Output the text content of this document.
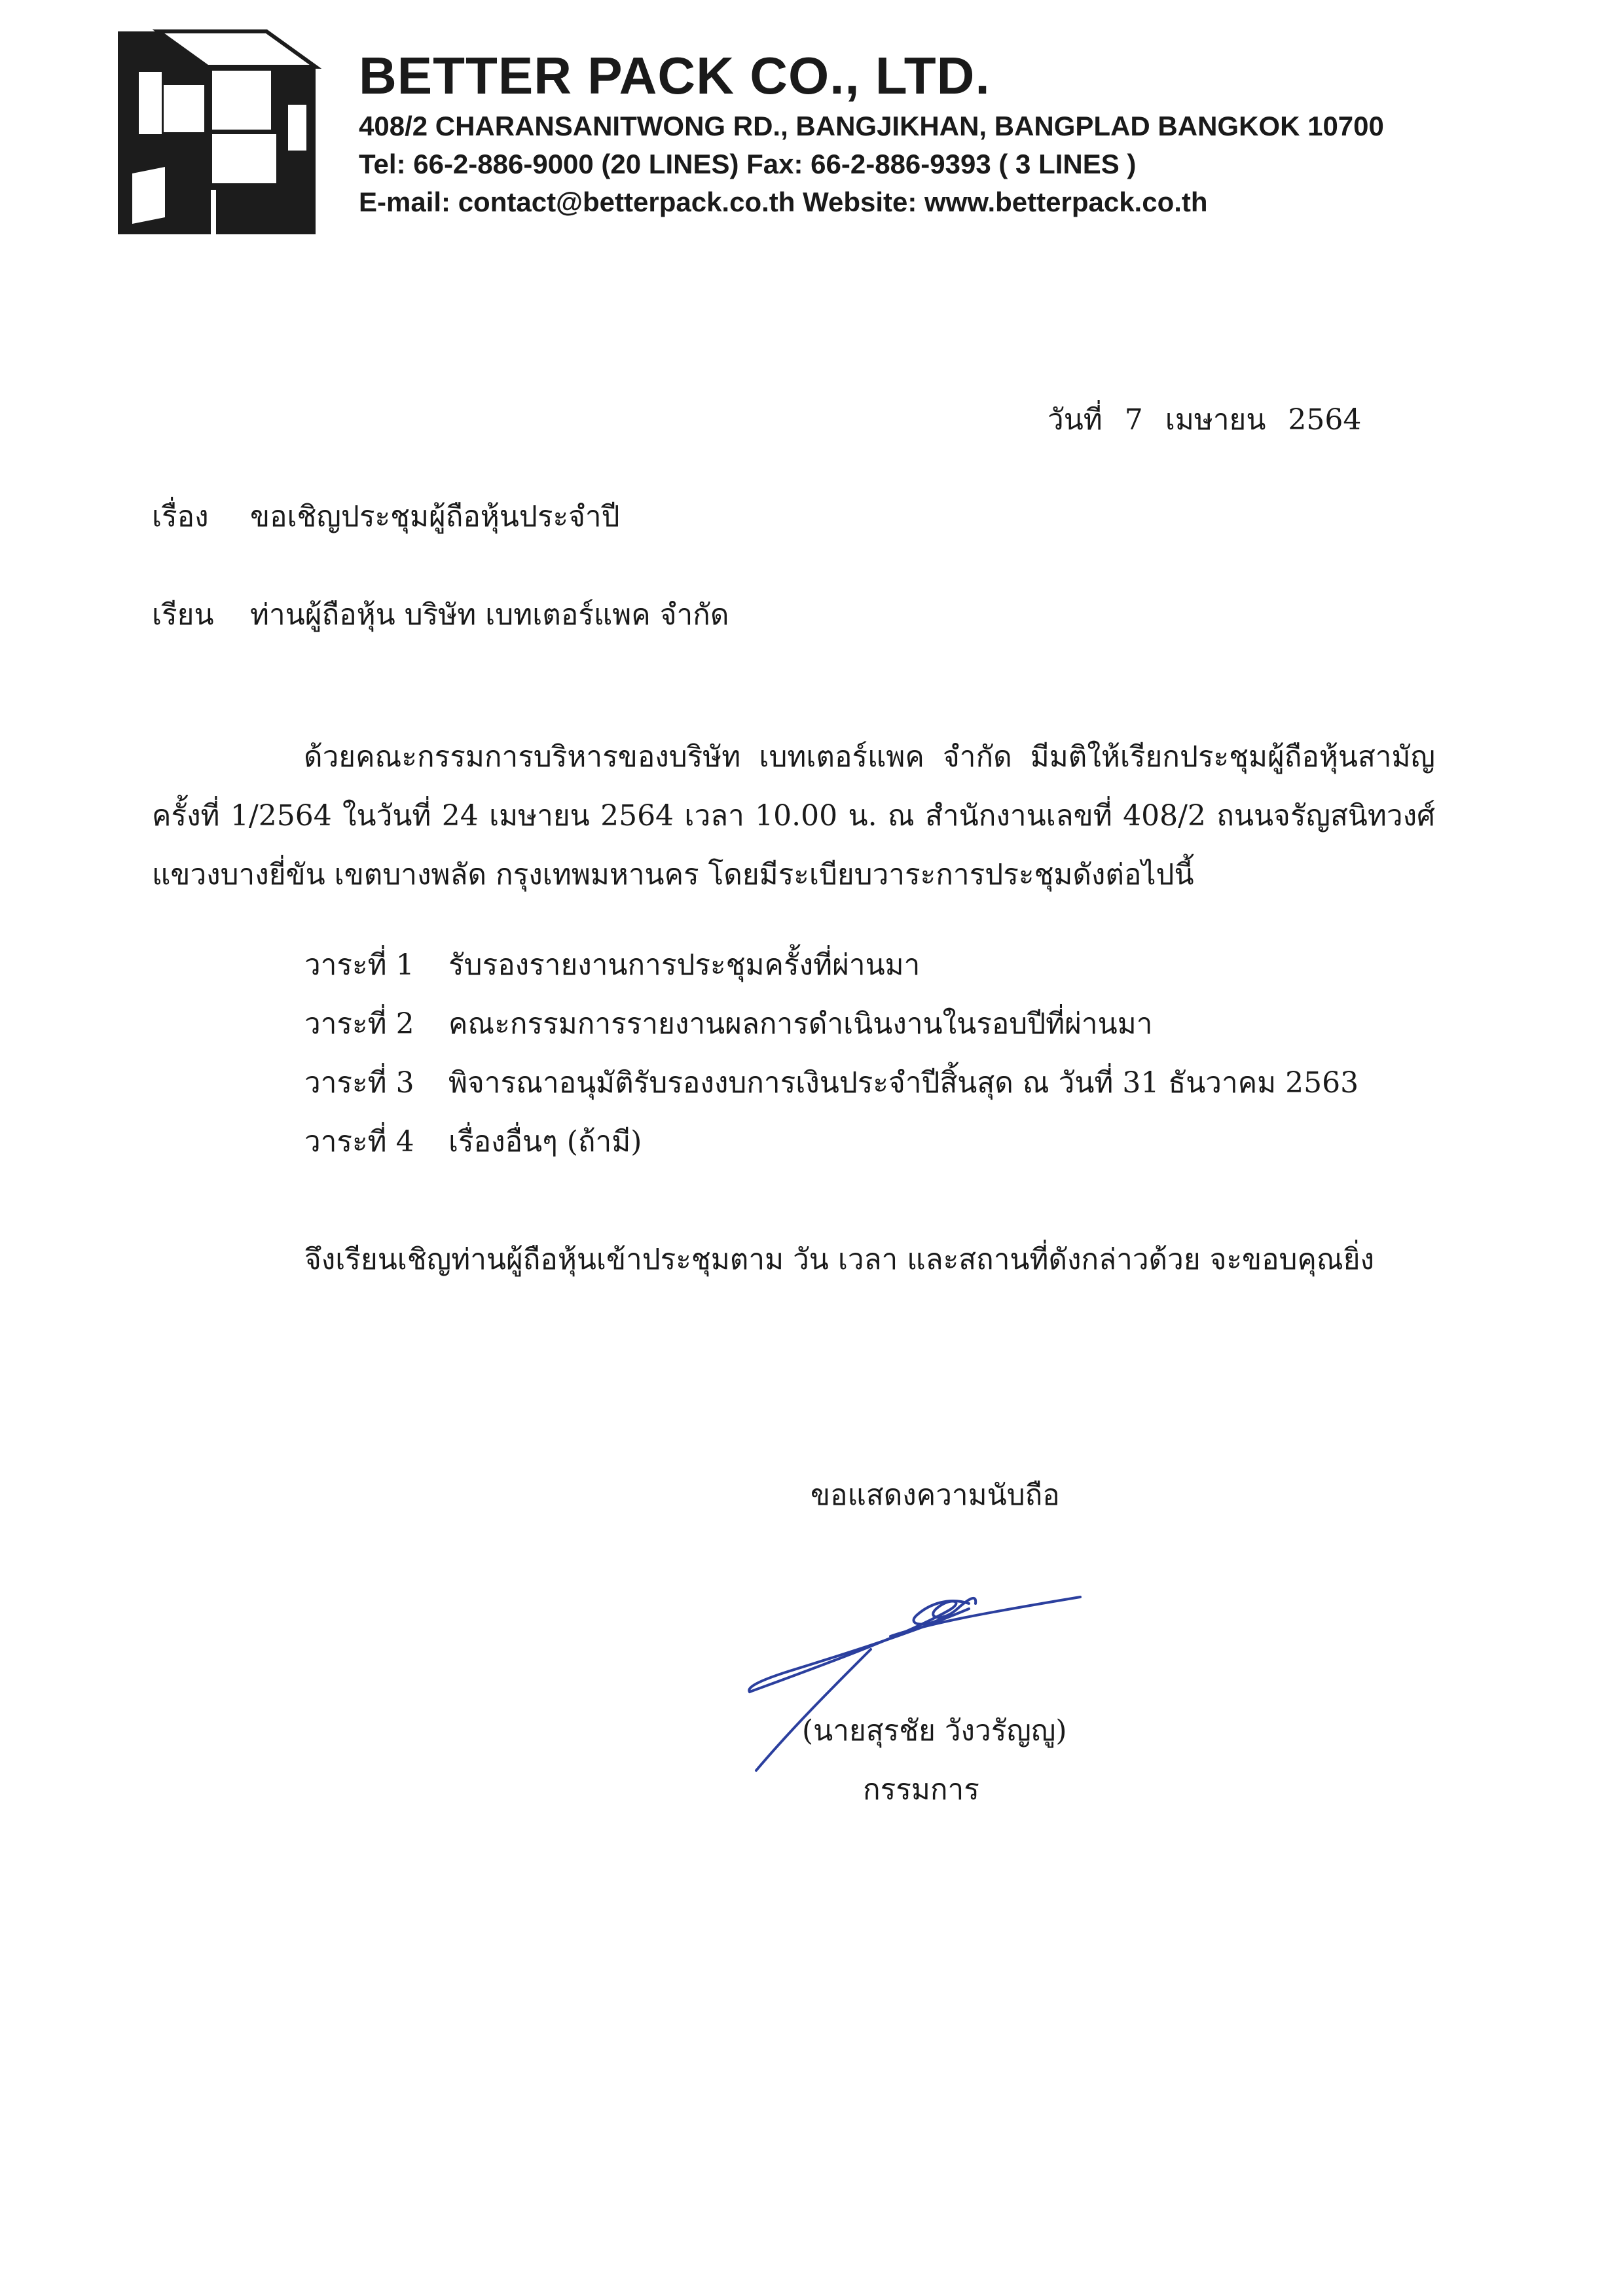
BETTER PACK CO., LTD.
408/2 CHARANSANITWONG RD., BANGJIKHAN, BANGPLAD BANGKOK 10700
Tel: 66-2-886-9000 (20 LINES) Fax: 66-2-886-9393 ( 3 LINES )
E-mail: contact@betterpack.co.th Website: www.betterpack.co.th
วันที่ 7 เมษายน 2564
เรื่อง ขอเชิญประชุมผู้ถือหุ้นประจำปี
เรียน ท่านผู้ถือหุ้น บริษัท เบทเตอร์แพค จำกัด
ด้วยคณะกรรมการบริหารของบริษัท เบทเตอร์แพค จำกัด มีมติให้เรียกประชุมผู้ถือหุ้นสามัญ
ครั้งที่ 1/2564 ในวันที่ 24 เมษายน 2564 เวลา 10.00 น. ณ สำนักงานเลขที่ 408/2 ถนนจรัญสนิทวงศ์
แขวงบางยี่ขัน เขตบางพลัด กรุงเทพมหานคร โดยมีระเบียบวาระการประชุมดังต่อไปนี้
วาระที่ 1 รับรองรายงานการประชุมครั้งที่ผ่านมา
วาระที่ 2 คณะกรรมการรายงานผลการดำเนินงานในรอบปีที่ผ่านมา
วาระที่ 3 พิจารณาอนุมัติรับรองงบการเงินประจำปีสิ้นสุด ณ วันที่ 31 ธันวาคม 2563
วาระที่ 4 เรื่องอื่นๆ (ถ้ามี)
จึงเรียนเชิญท่านผู้ถือหุ้นเข้าประชุมตาม วัน เวลา และสถานที่ดังกล่าวด้วย จะขอบคุณยิ่ง
ขอแสดงความนับถือ
(นายสุรชัย วังวรัญญู)
กรรมการ
